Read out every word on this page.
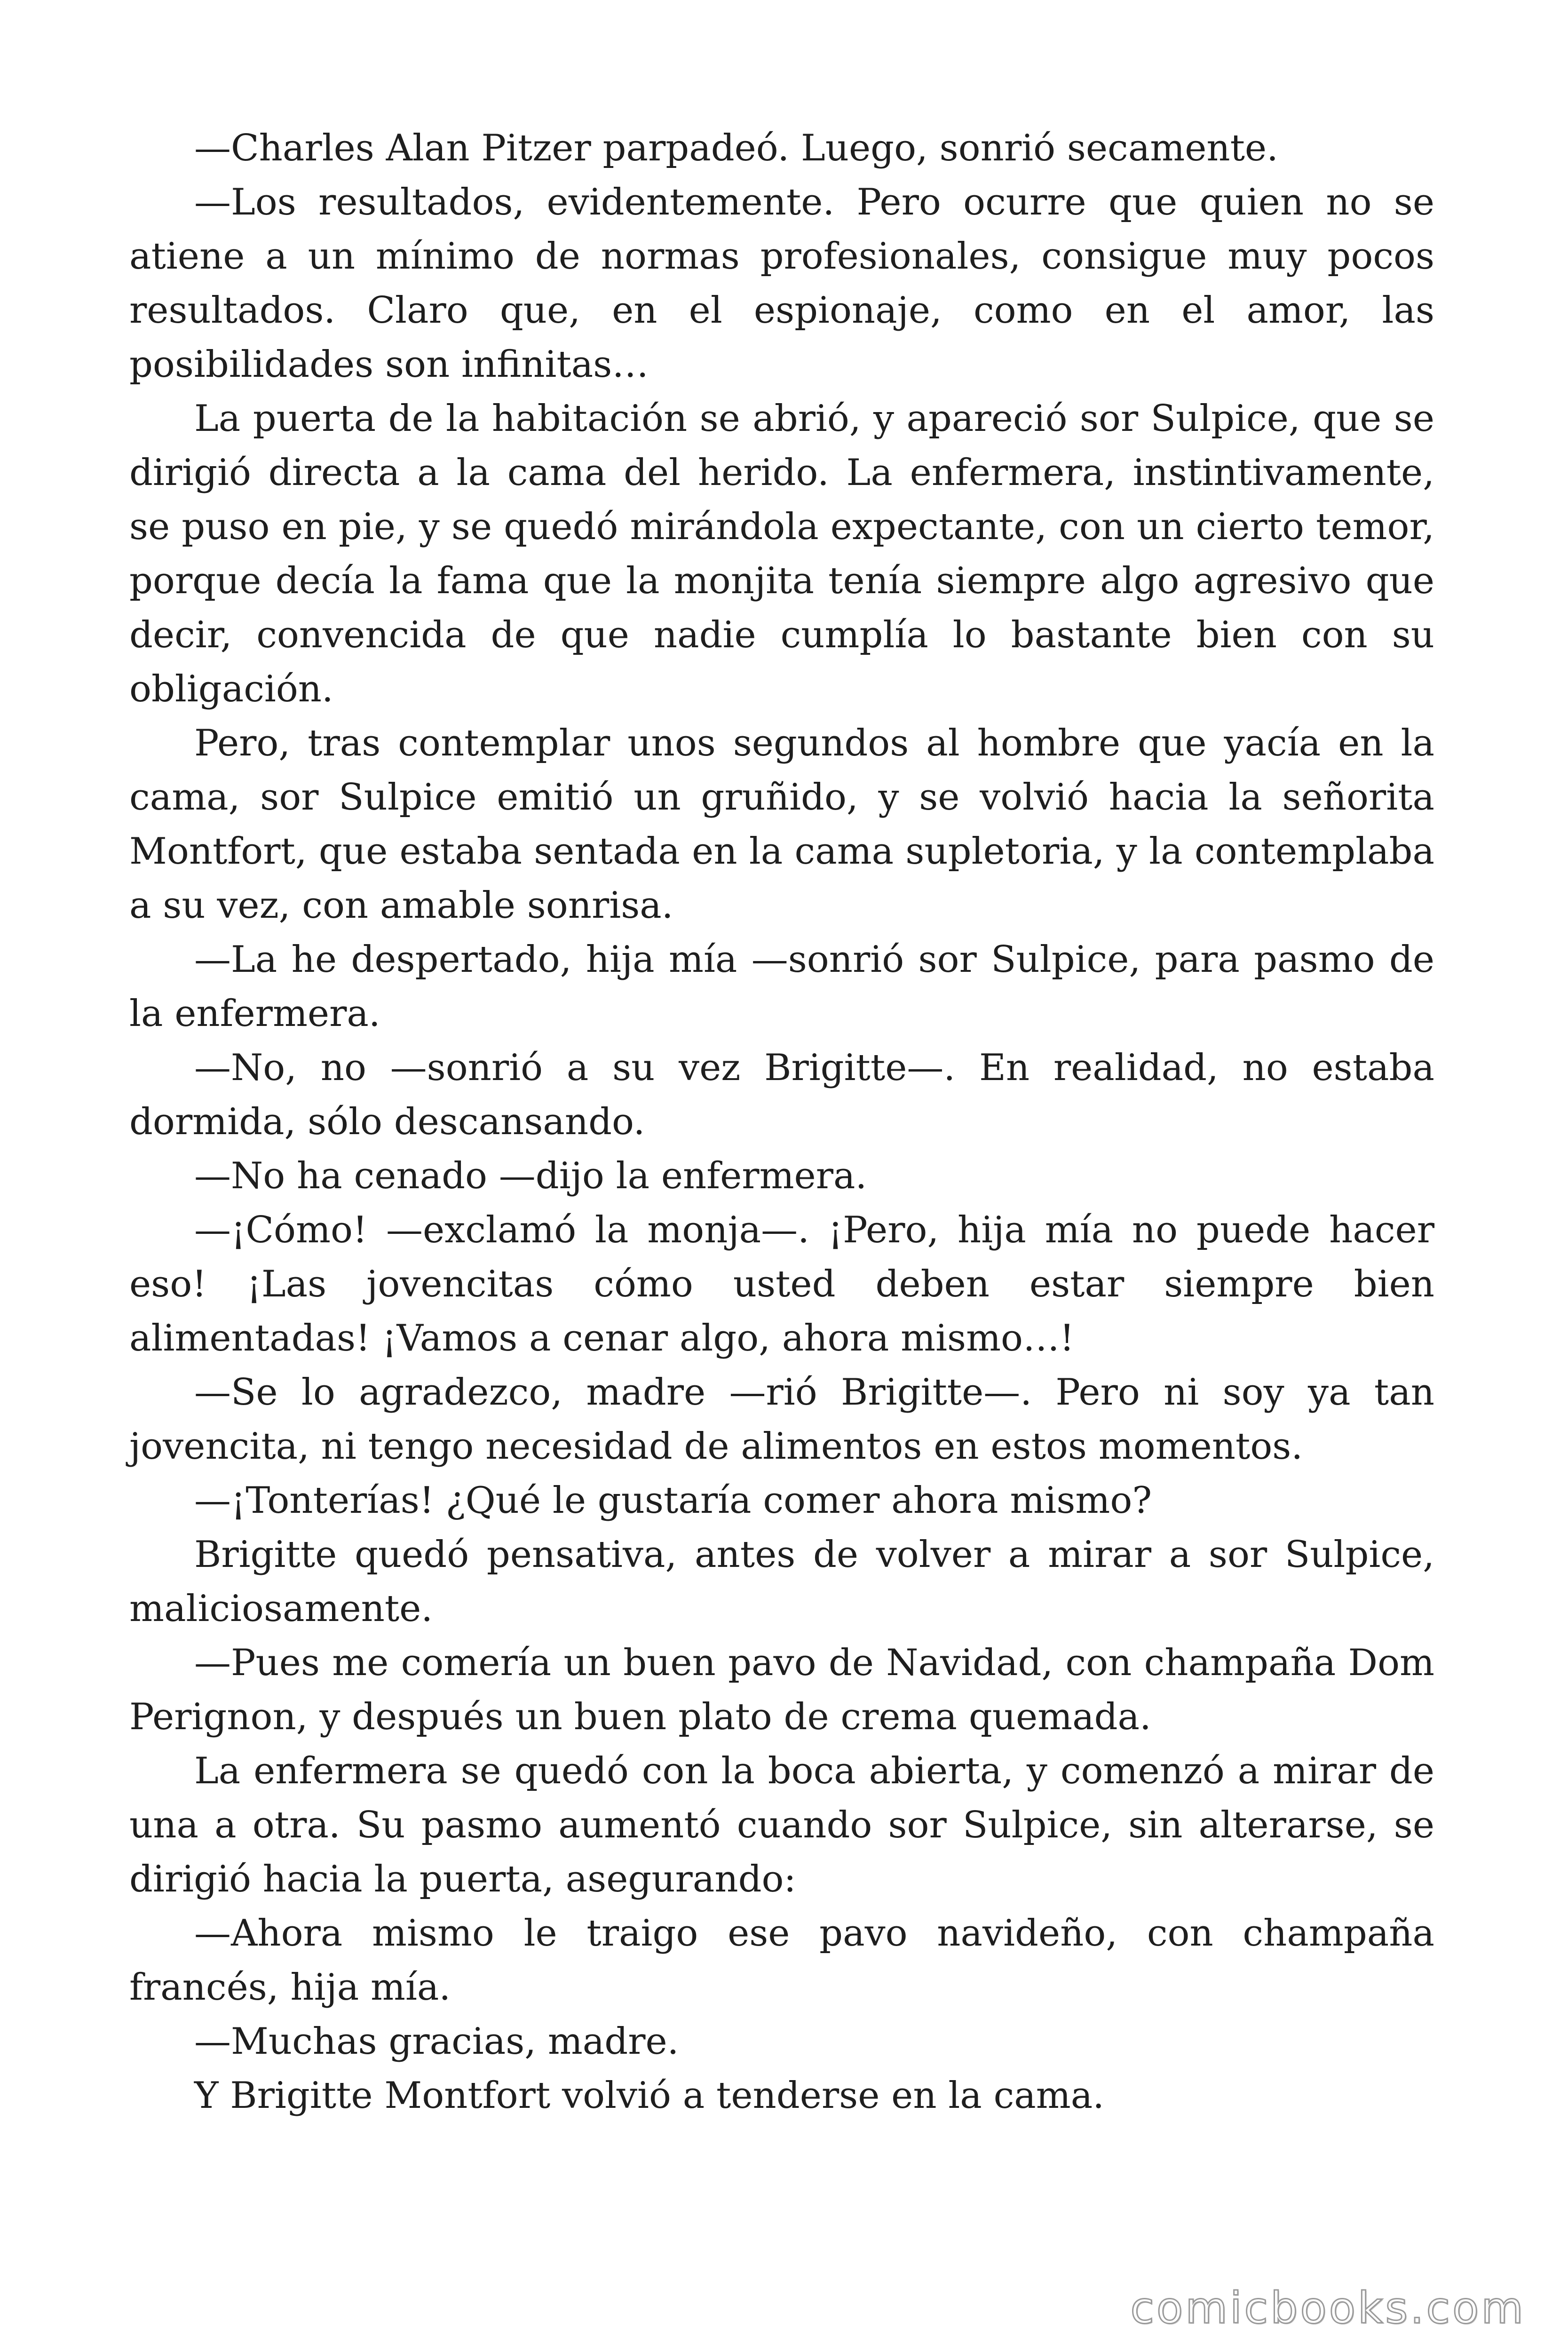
—Charles Alan Pitzer parpadeó. Luego, sonrió secamente.

—Los resultados, evidentemente. Pero ocurre que quien no se atiene a un mínimo de normas profesionales, consigue muy pocos resultados. Claro que, en el espionaje, como en el amor, las posibilidades son infinitas…

La puerta de la habitación se abrió, y apareció sor Sulpice, que se dirigió directa a la cama del herido. La enfermera, instintivamente, se puso en pie, y se quedó mirándola expectante, con un cierto temor, porque decía la fama que la monjita tenía siempre algo agresivo que decir, convencida de que nadie cumplía lo bastante bien con su obligación.

Pero, tras contemplar unos segundos al hombre que yacía en la cama, sor Sulpice emitió un gruñido, y se volvió hacia la señorita Montfort, que estaba sentada en la cama supletoria, y la contemplaba a su vez, con amable sonrisa.

—La he despertado, hija mía —sonrió sor Sulpice, para pasmo de la enfermera.

—No, no —sonrió a su vez Brigitte—. En realidad, no estaba dormida, sólo descansando.

—No ha cenado —dijo la enfermera.

—¡Cómo! —exclamó la monja—. ¡Pero, hija mía no puede hacer eso! ¡Las jovencitas cómo usted deben estar siempre bien alimentadas! ¡Vamos a cenar algo, ahora mismo…!

—Se lo agradezco, madre —rió Brigitte—. Pero ni soy ya tan jovencita, ni tengo necesidad de alimentos en estos momentos.

—¡Tonterías! ¿Qué le gustaría comer ahora mismo?

Brigitte quedó pensativa, antes de volver a mirar a sor Sulpice, maliciosamente.

—Pues me comería un buen pavo de Navidad, con champaña Dom Perignon, y después un buen plato de crema quemada.

La enfermera se quedó con la boca abierta, y comenzó a mirar de una a otra. Su pasmo aumentó cuando sor Sulpice, sin alterarse, se dirigió hacia la puerta, asegurando:

—Ahora mismo le traigo ese pavo navideño, con champaña francés, hija mía.

—Muchas gracias, madre.

Y Brigitte Montfort volvió a tenderse en la cama.

comicbooks.com
